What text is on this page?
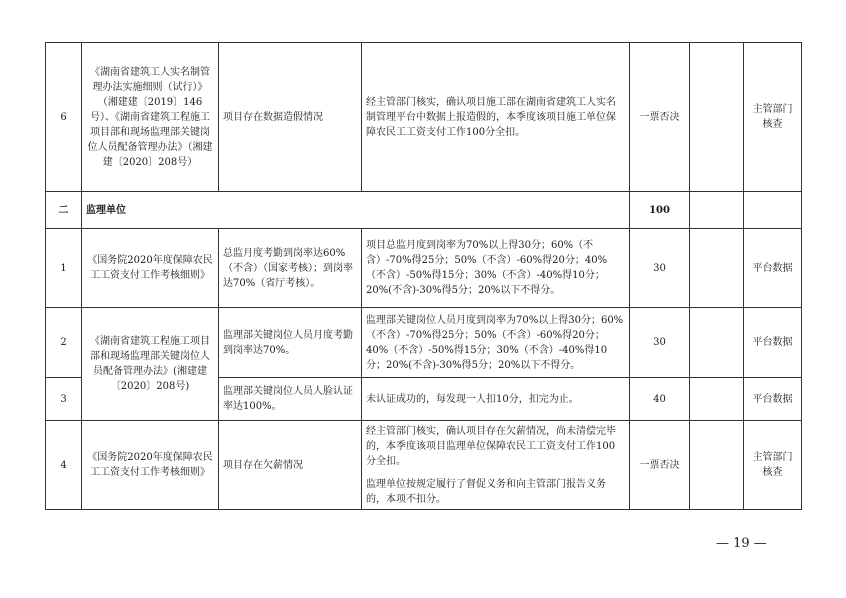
6	《湖南省建筑工人实名制管理办法实施细则（试行）》（湘建建〔2019〕146号）、《湖南省建筑工程施工项目部和现场监理部关键岗位人员配备管理办法》（湘建建〔2020〕208号）	项目存在数据造假情况	经主管部门核实，确认项目施工部在湖南省建筑工人实名制管理平台中数据上报造假的，本季度该项目施工单位保障农民工工资支付工作100分全扣。	一票否决		主管部门核查
二	监理单位			100		
1	《国务院2020年度保障农民工工资支付工作考核细则》	总监月度考勤到岗率达60%（不含）（国家考核）；到岗率达70%（省厅考核）。	项目总监月度到岗率为70%以上得30分；60%（不含）-70%得25分；50%（不含）-60%得20分；40%（不含）-50%得15分；30%（不含）-40%得10分；20%(不含)-30%得5分；20%以下不得分。	30		平台数据
2	《湖南省建筑工程施工项目部和现场监理部关键岗位人员配备管理办法》(湘建建〔2020〕208号)	监理部关键岗位人员月度考勤到岗率达70%。	监理部关键岗位人员月度到岗率为70%以上得30分；60%（不含）-70%得25分；50%（不含）-60%得20分；40%（不含）-50%得15分；30%（不含）-40%得10分；20%(不含)-30%得5分；20%以下不得分。	30		平台数据
3		监理部关键岗位人员人脸认证率达100%。	未认证成功的，每发现一人扣10分，扣完为止。	40		平台数据
4	《国务院2020年度保障农民工工资支付工作考核细则》	项目存在欠薪情况	经主管部门核实，确认项目存在欠薪情况，尚未清偿完毕的，本季度该项目监理单位保障农民工工资支付工作100分全扣。
监理单位按规定履行了督促义务和向主管部门报告义务的，本项不扣分。	一票否决		主管部门核查
— 19 —
